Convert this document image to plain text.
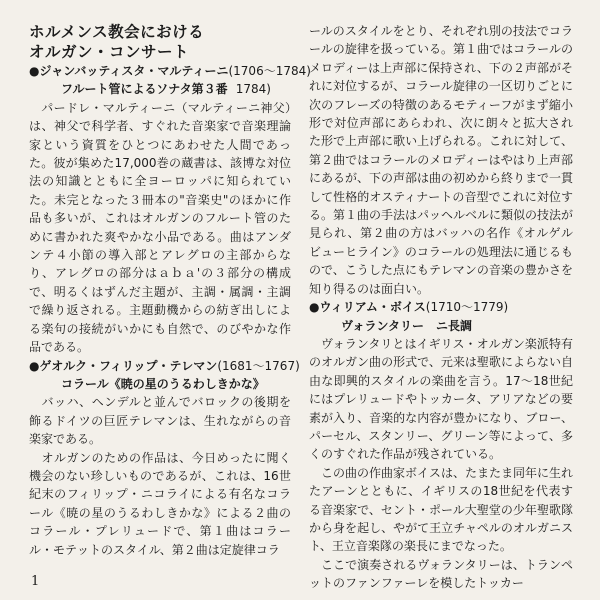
ホルメンス教会における

オルガン・コンサート

●ジャンバッティスタ・マルティーニ(1706〜1784)

フルート管によるソナタ第３番 1784)

　パードレ・マルティーニ（マルティーニ神父）は、神父で科学者、すぐれた音楽家で音楽理論家という資質をひとつにあわせた人間であった。彼が集めた17,000巻の蔵書は、該博な対位法の知識とともに全ヨーロッパに知られていた。未完となった３冊本の"音楽史"のほかに作品も多いが、これはオルガンのフルート管のために書かれた爽やかな小品である。曲はアンダンテ４小節の導入部とアレグロの主部からなり、アレグロの部分はａｂａ'の３部分の構成で、明るくはずんだ主題が、主調・属調・主調で繰り返される。主題動機からの紡ぎ出しによる楽句の接続がいかにも自然で、のびやかな作品である。

●ゲオルク・フィリップ・テレマン(1681〜1767)

コラール《暁の星のうるわしきかな》

　バッハ、ヘンデルと並んでバロックの後期を飾るドイツの巨匠テレマンは、生れながらの音楽家である。

　オルガンのための作品は、今日めったに聞く機会のない珍しいものであるが、これは、16世紀末のフィリップ・ニコライによる有名なコラール《暁の星のうるわしきかな》による２曲のコラール・プレリュードで、第１曲はコラール・モテットのスタイル、第２曲は定旋律コラ

ールのスタイルをとり、それぞれ別の技法でコラールの旋律を扱っている。第１曲ではコラールのメロディーは上声部に保持され、下の２声部がそれに対位するが、コラール旋律の一区切りごとに次のフレーズの特徴のあるモティーフがまず縮小形で対位声部にあらわれ、次に朗々と拡大された形で上声部に歌い上げられる。これに対して、第２曲ではコラールのメロディーはやはり上声部にあるが、下の声部は曲の初めから終りまで一貫して性格的オスティナートの音型でこれに対位する。第１曲の手法はパッヘルベルに類似の技法が見られ、第２曲の方はバッハの名作《オルゲルビューヒライン》のコラールの処理法に通じるもので、こうした点にもテレマンの音楽の豊かさを知り得るのは面白い。

●ウィリアム・ボイス(1710〜1779)

ヴォランタリー　ニ長調

　ヴォランタリとはイギリス・オルガン楽派特有のオルガン曲の形式で、元来は聖歌によらない自由な即興的スタイルの楽曲を言う。17〜18世紀にはプレリュードやトッカータ、アリアなどの要素が入り、音楽的な内容が豊かになり、ブロー、パーセル、スタンリー、グリーン等によって、多くのすぐれた作品が残されている。

　この曲の作曲家ボイスは、たまたま同年に生れたアーンとともに、イギリスの18世紀を代表する音楽家で、セント・ポール大聖堂の少年聖歌隊から身を起し、やがて王立チャペルのオルガニスト、王立音楽隊の楽長にまでなった。

　ここで演奏されるヴォランタリーは、トランペットのファンファーレを模したトッカー

1
